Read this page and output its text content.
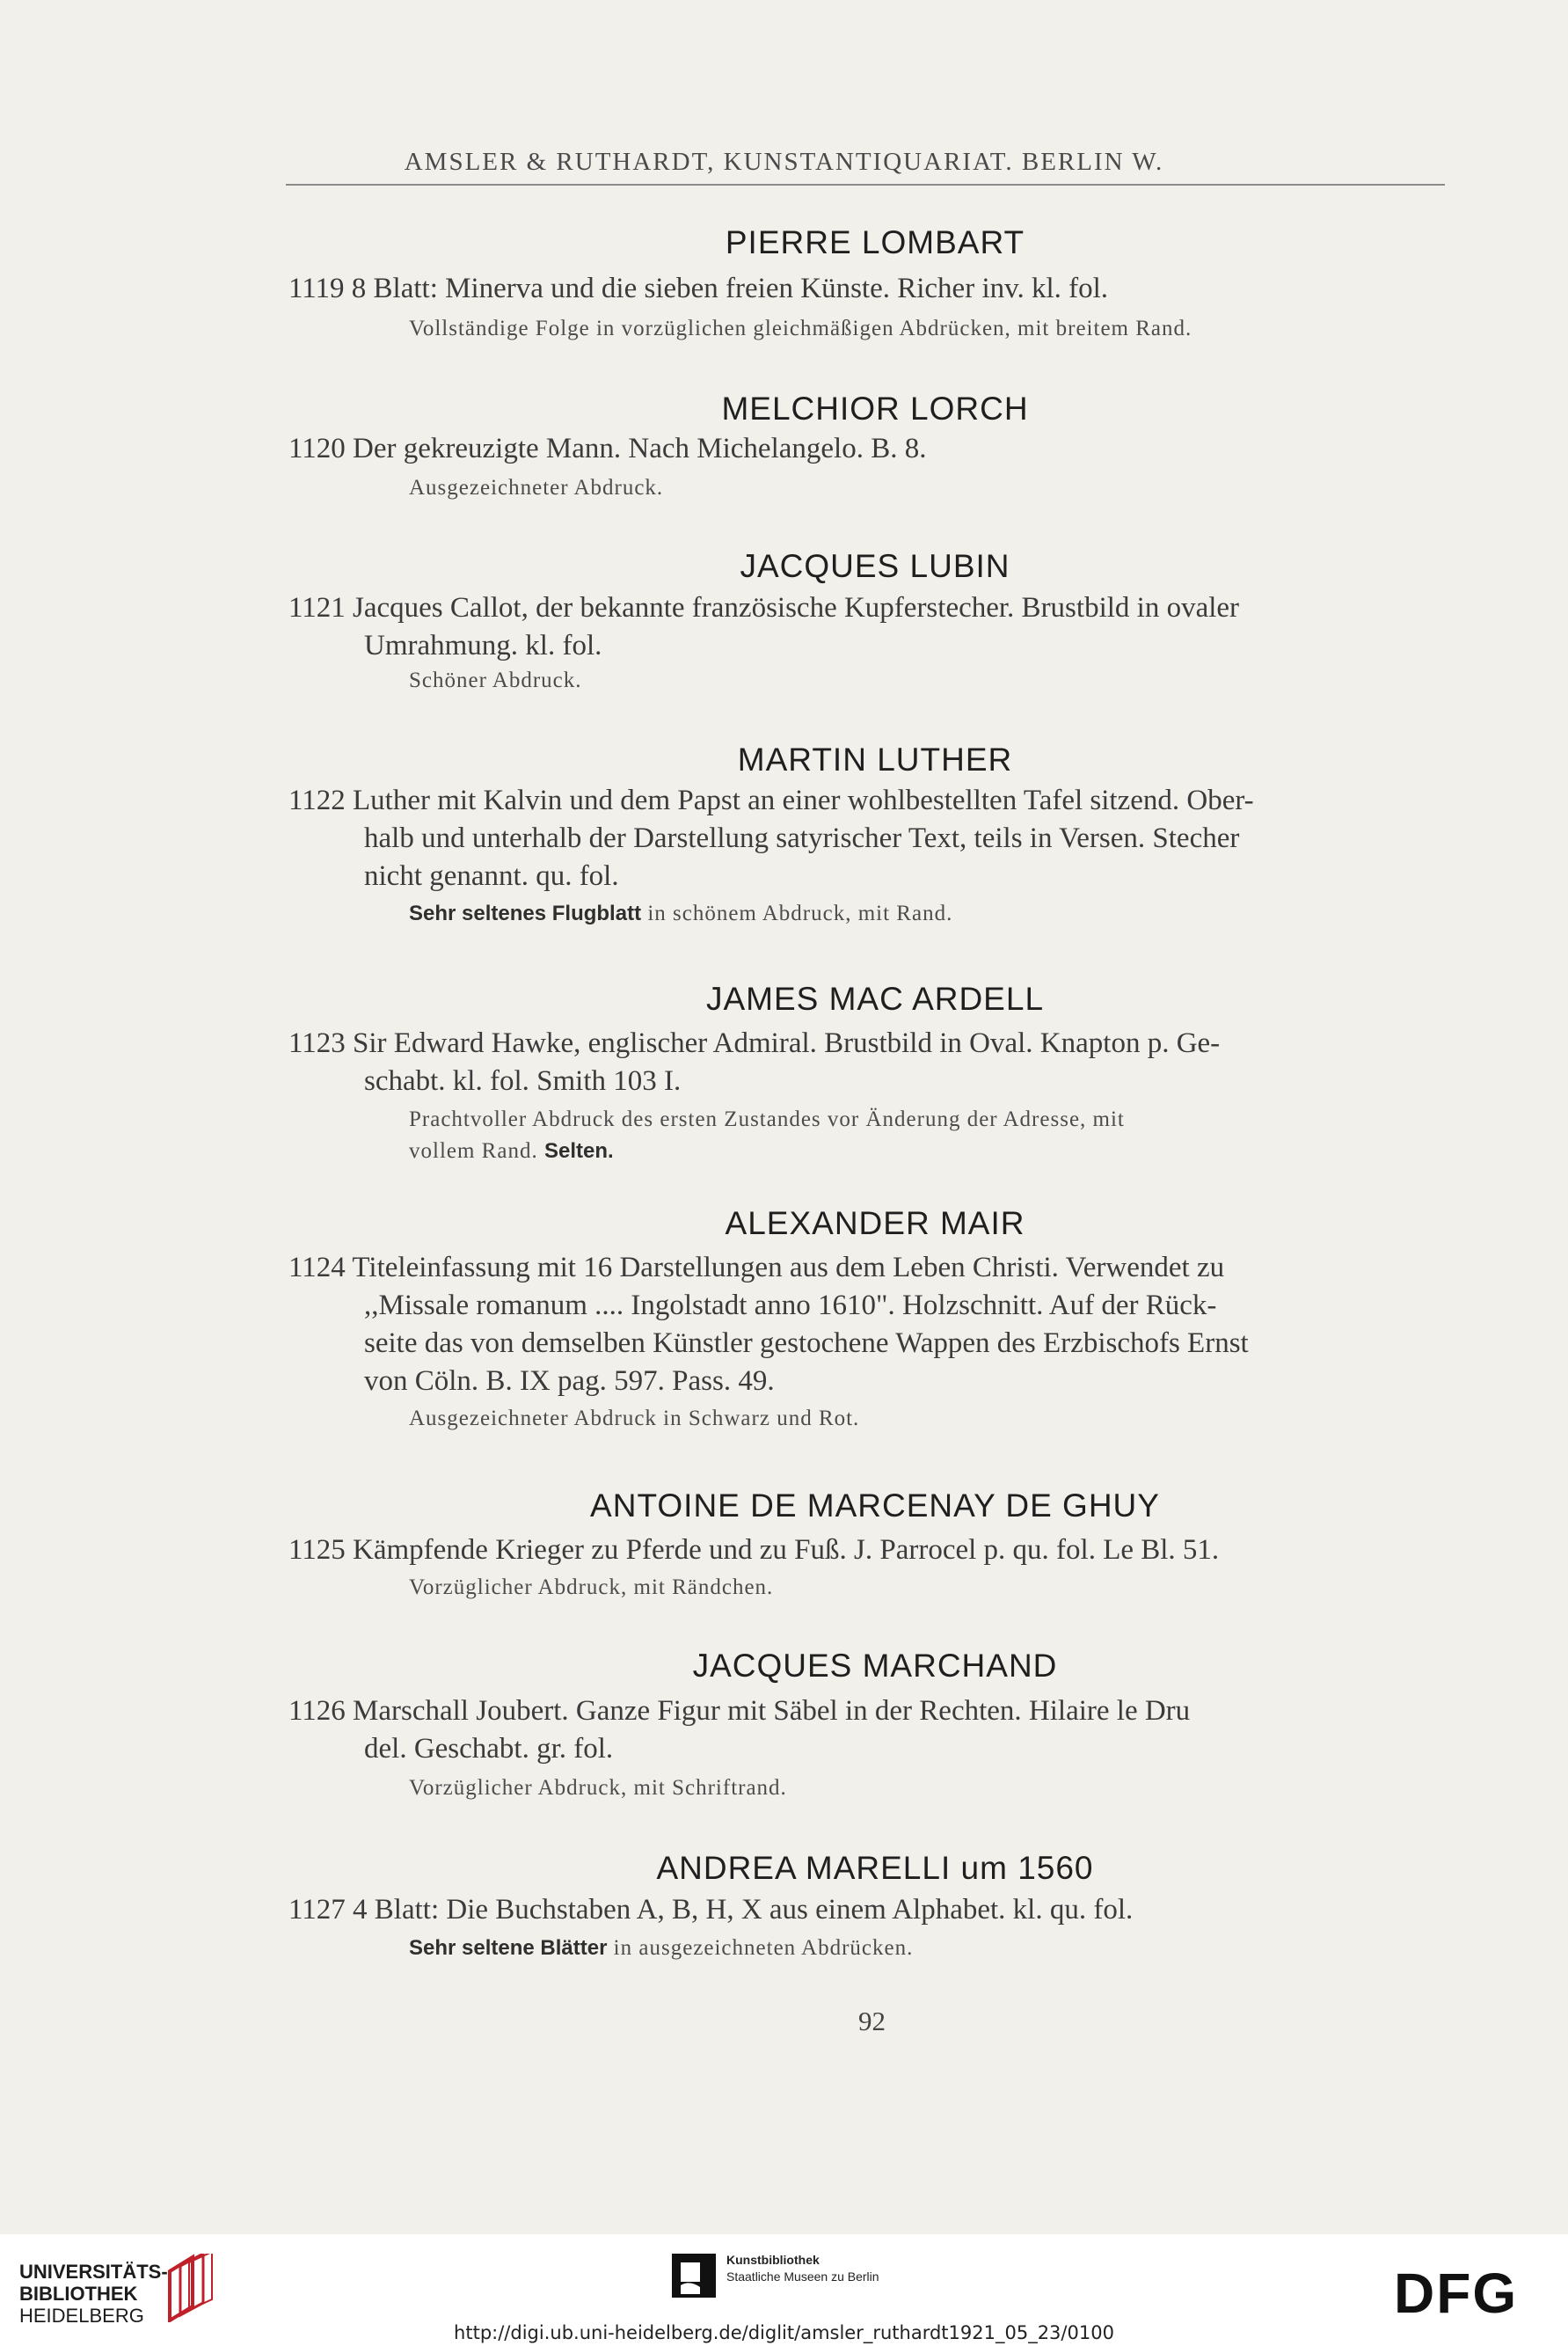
AMSLER & RUTHARDT, KUNSTANTIQUARIAT. BERLIN W.
PIERRE LOMBART
1119 8 Blatt: Minerva und die sieben freien Künste. Richer inv. kl. fol.
Vollständige Folge in vorzüglichen gleichmäßigen Abdrücken, mit breitem Rand.
MELCHIOR LORCH
1120 Der gekreuzigte Mann. Nach Michelangelo. B. 8.
Ausgezeichneter Abdruck.
JACQUES LUBIN
1121 Jacques Callot, der bekannte französische Kupferstecher. Brustbild in ovaler
Umrahmung. kl. fol.
Schöner Abdruck.
MARTIN LUTHER
1122 Luther mit Kalvin und dem Papst an einer wohlbestellten Tafel sitzend. Ober-
halb und unterhalb der Darstellung satyrischer Text, teils in Versen. Stecher
nicht genannt. qu. fol.
Sehr seltenes Flugblatt in schönem Abdruck, mit Rand.
JAMES MAC ARDELL
1123 Sir Edward Hawke, englischer Admiral. Brustbild in Oval. Knapton p. Ge-
schabt. kl. fol. Smith 103 I.
Prachtvoller Abdruck des ersten Zustandes vor Änderung der Adresse, mit
vollem Rand. Selten.
ALEXANDER MAIR
1124 Titeleinfassung mit 16 Darstellungen aus dem Leben Christi. Verwendet zu
,,Missale romanum .... Ingolstadt anno 1610". Holzschnitt. Auf der Rück-
seite das von demselben Künstler gestochene Wappen des Erzbischofs Ernst
von Cöln. B. IX pag. 597. Pass. 49.
Ausgezeichneter Abdruck in Schwarz und Rot.
ANTOINE DE MARCENAY DE GHUY
1125 Kämpfende Krieger zu Pferde und zu Fuß. J. Parrocel p. qu. fol. Le Bl. 51.
Vorzüglicher Abdruck, mit Rändchen.
JACQUES MARCHAND
1126 Marschall Joubert. Ganze Figur mit Säbel in der Rechten. Hilaire le Dru
del. Geschabt. gr. fol.
Vorzüglicher Abdruck, mit Schriftrand.
ANDREA MARELLI um 1560
1127 4 Blatt: Die Buchstaben A, B, H, X aus einem Alphabet. kl. qu. fol.
Sehr seltene Blätter in ausgezeichneten Abdrücken.
92
UNIVERSITÄTS-
BIBLIOTHEK
HEIDELBERG
Kunstbibliothek
Staatliche Museen zu Berlin	DFG
http://digi.ub.uni-heidelberg.de/diglit/amsler_ruthardt1921_05_23/0100
